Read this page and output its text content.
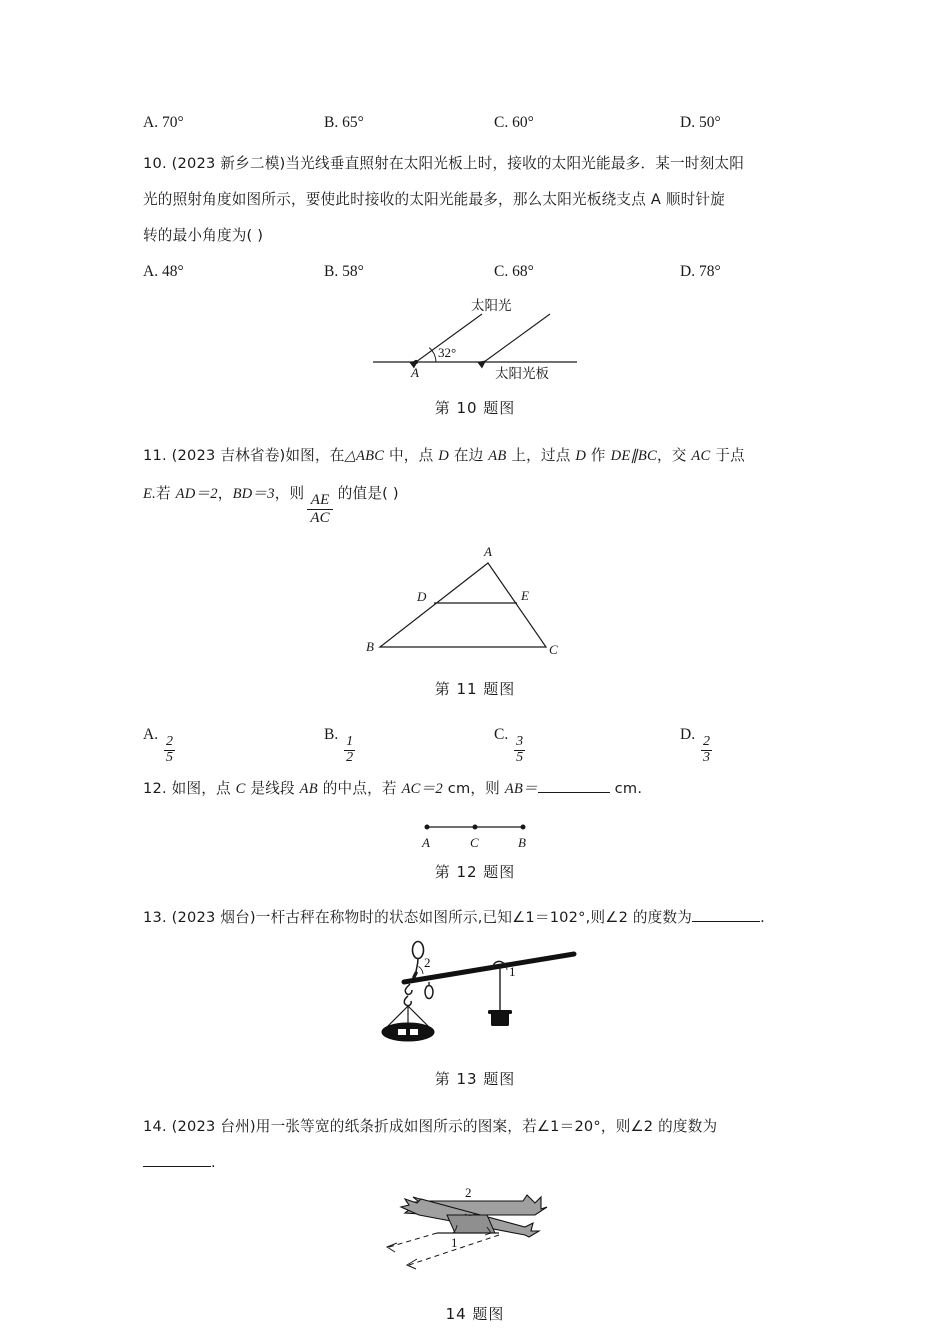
A. 70°	B. 65°	C. 60°	D. 50°
10. (2023 新乡二模)当光线垂直照射在太阳光板上时，接收的太阳光能最多．某一时刻太阳
光的照射角度如图所示，要使此时接收的太阳光能最多，那么太阳光板绕支点 A 顺时针旋
转的最小角度为( )
A. 48°	B. 58°	C. 68°	D. 78°
32°
A
太阳光
太阳光板
第 10 题图
11. (2023 吉林省卷)如图，在△ABC 中，点 D 在边 AB 上，过点 D 作 DE∥BC，交 AC 于点
E.若 AD＝2，BD＝3，则 $\frac{AE}{AC}$ 的值是( )
A
B	C
D	E
第 11 题图
A.
$\frac{2}{5}$
B.
$\frac{1}{2}$
C.
$\frac{3}{5}$
D.
$\frac{2}{3}$
12. 如图，点 C 是线段 AB 的中点，若 AC＝2 cm，则 AB＝	cm.
A	C	B
第 12 题图
13. (2023 烟台)一杆古秤在称物时的状态如图所示,已知∠1＝102°,则∠2 的度数为	.
2
1
第 13 题图
14. (2023 台州)用一张等宽的纸条折成如图所示的图案，若∠1＝20°，则∠2 的度数为
.
1
2
14 题图
